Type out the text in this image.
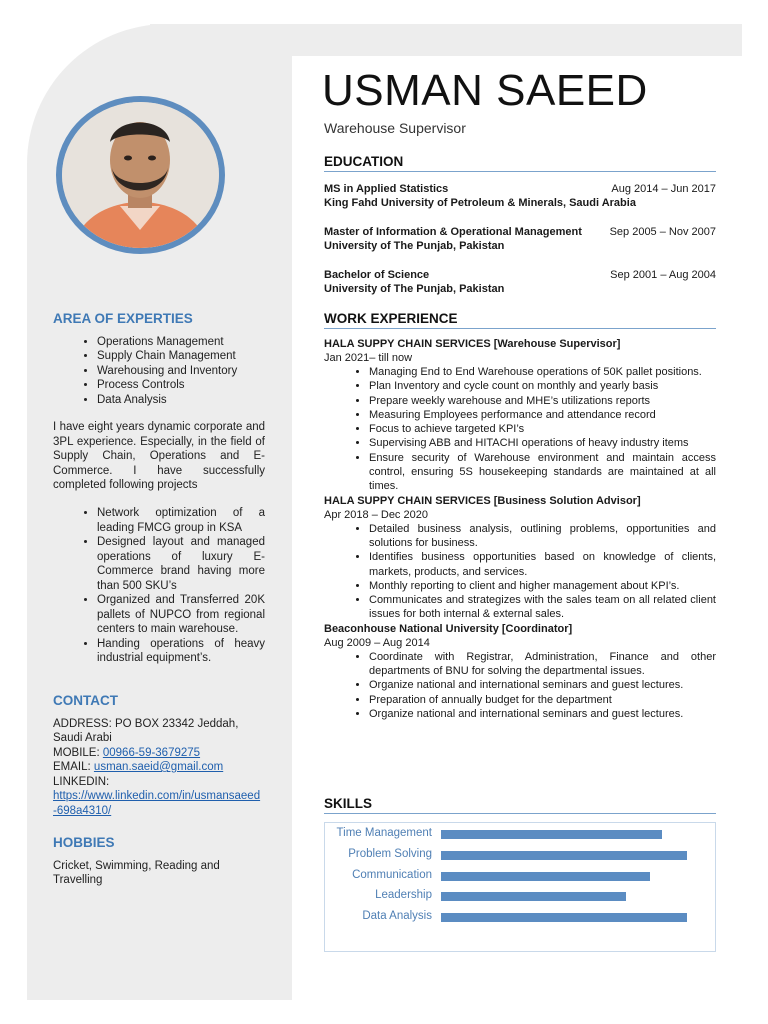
AREA OF EXPERTIES

• Operations Management
• Supply Chain Management
• Warehousing and Inventory
• Process Controls
• Data Analysis

I have eight years dynamic corporate and 3PL experience. Especially, in the field of Supply Chain, Operations and E-Commerce. I have successfully completed following projects

• Network optimization of a leading FMCG group in KSA
• Designed layout and managed operations of luxury E-Commerce brand having more than 500 SKU’s
• Organized and Transferred 20K pallets of NUPCO from regional centers to main warehouse.
• Handing operations of heavy industrial equipment’s.

CONTACT

ADDRESS: PO BOX 23342 Jeddah, Saudi Arabi
MOBILE: 00966-59-3679275
EMAIL: usman.saeid@gmail.com
LINKEDIN:
https://www.linkedin.com/in/usmansaeed-698a4310/

HOBBIES

Cricket, Swimming, Reading and Travelling
USMAN SAEED
Warehouse Supervisor

EDUCATION

MS in Applied Statistics	Aug 2014 – Jun 2017
King Fahd University of Petroleum & Minerals, Saudi Arabia
Master of Information & Operational Management	Sep 2005 – Nov 2007
University of The Punjab, Pakistan
Bachelor of Science	Sep 2001 – Aug 2004
University of The Punjab, Pakistan

WORK EXPERIENCE

HALA SUPPY CHAIN SERVICES [Warehouse Supervisor]
Jan 2021– till now
• Managing End to End Warehouse operations of 50K pallet positions.
• Plan Inventory and cycle count on monthly and yearly basis
• Prepare weekly warehouse and MHE’s utilizations reports
• Measuring Employees performance and attendance record
• Focus to achieve targeted KPI’s
• Supervising ABB and HITACHI operations of heavy industry items
• Ensure security of Warehouse environment and maintain access control, ensuring 5S housekeeping standards are maintained at all times.
HALA SUPPY CHAIN SERVICES [Business Solution Advisor]
Apr 2018 – Dec 2020
• Detailed business analysis, outlining problems, opportunities and solutions for business.
• Identifies business opportunities based on knowledge of clients, markets, products, and services.
• Monthly reporting to client and higher management about KPI’s.
• Communicates and strategizes with the sales team on all related client issues for both internal & external sales.
Beaconhouse National University [Coordinator]
Aug 2009 – Aug 2014
• Coordinate with Registrar, Administration, Finance and other departments of BNU for solving the departmental issues.
• Organize national and international seminars and guest lectures.
• Preparation of annually budget for the department
• Organize national and international seminars and guest lectures.

SKILLS

Time Management
Problem Solving
Communication
Leadership
Data Analysis
